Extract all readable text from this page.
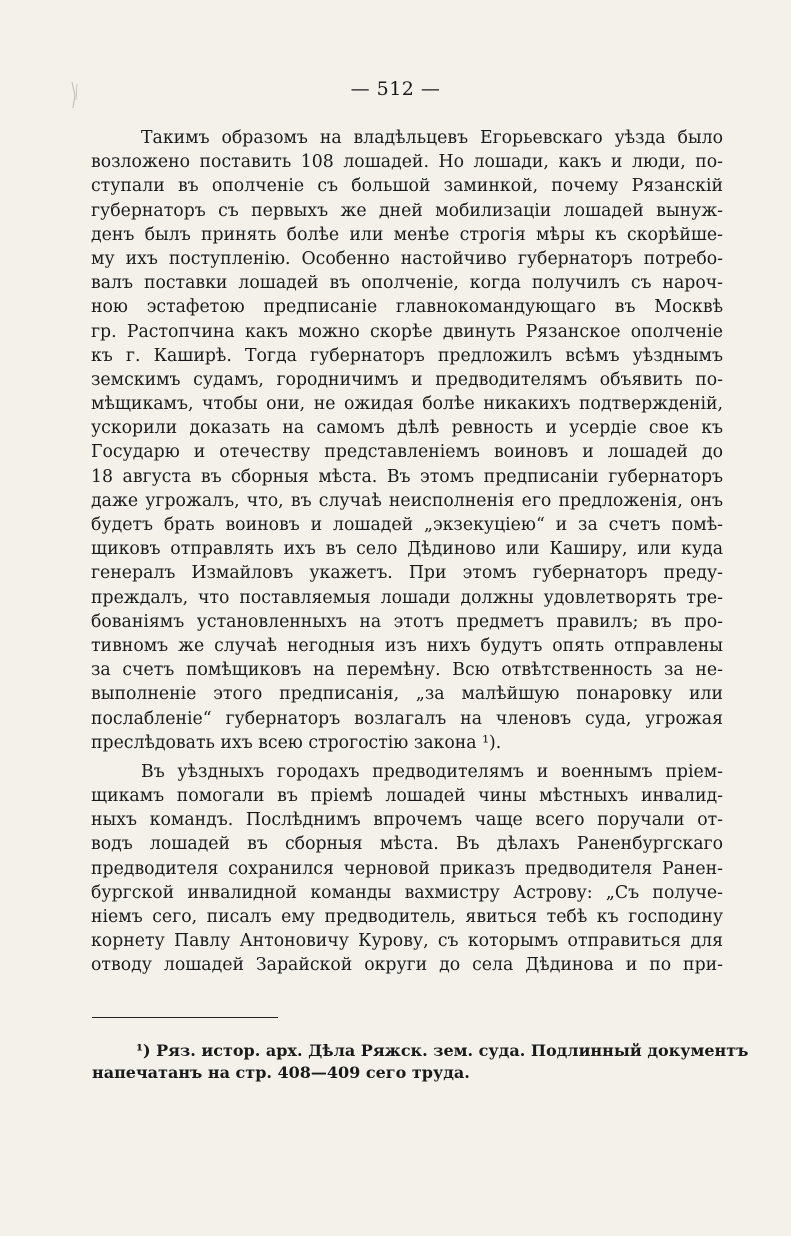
— 512 —
Такимъ образомъ на владѣльцевъ Егорьевскаго уѣзда было
возложено поставить 108 лошадей. Но лошади, какъ и люди, по-
ступали въ ополченіе съ большой заминкой, почему Рязанскій
губернаторъ съ первыхъ же дней мобилизаціи лошадей вынуж-
денъ былъ принять болѣе или менѣе строгія мѣры къ скорѣйше-
му ихъ поступленію. Особенно настойчиво губернаторъ потребо-
валъ поставки лошадей въ ополченіе, когда получилъ съ нароч-
ною эстафетою предписаніе главнокомандующаго въ Москвѣ
гр. Растопчина какъ можно скорѣе двинуть Рязанское ополченіе
къ г. Каширѣ. Тогда губернаторъ предложилъ всѣмъ уѣзднымъ
земскимъ судамъ, городничимъ и предводителямъ объявить по-
мѣщикамъ, чтобы они, не ожидая болѣе никакихъ подтвержденій,
ускорили доказать на самомъ дѣлѣ ревность и усердіе свое къ
Государю и отечеству представленіемъ воиновъ и лошадей до
18 августа въ сборныя мѣста. Въ этомъ предписаніи губернаторъ
даже угрожалъ, что, въ случаѣ неисполненія его предложенія, онъ
будетъ брать воиновъ и лошадей „экзекуціею“ и за счетъ помѣ-
щиковъ отправлять ихъ въ село Дѣдиново или Каширу, или куда
генералъ Измайловъ укажетъ. При этомъ губернаторъ преду-
преждалъ, что поставляемыя лошади должны удовлетворять тре-
бованіямъ установленныхъ на этотъ предметъ правилъ; въ про-
тивномъ же случаѣ негодныя изъ нихъ будутъ опять отправлены
за счетъ помѣщиковъ на перемѣну. Всю отвѣтственность за не-
выполненіе этого предписанія, „за малѣйшую понаровку или
послабленіе“ губернаторъ возлагалъ на членовъ суда, угрожая
преслѣдовать ихъ всею строгостію закона ¹).
Въ уѣздныхъ городахъ предводителямъ и военнымъ пріем-
щикамъ помогали въ пріемѣ лошадей чины мѣстныхъ инвалид-
ныхъ командъ. Послѣднимъ впрочемъ чаще всего поручали от-
водъ лошадей въ сборныя мѣста. Въ дѣлахъ Раненбургскаго
предводителя сохранился черновой приказъ предводителя Ранен-
бургской инвалидной команды вахмистру Астрову: „Съ получе-
ніемъ сего, писалъ ему предводитель, явиться тебѣ къ господину
корнету Павлу Антоновичу Курову, съ которымъ отправиться для
отводу лошадей Зарайской округи до села Дѣдинова и по при-
¹) Ряз. истор. арх. Дѣла Ряжск. зем. суда. Подлинный документъ
напечатанъ на стр. 408—409 сего труда.
